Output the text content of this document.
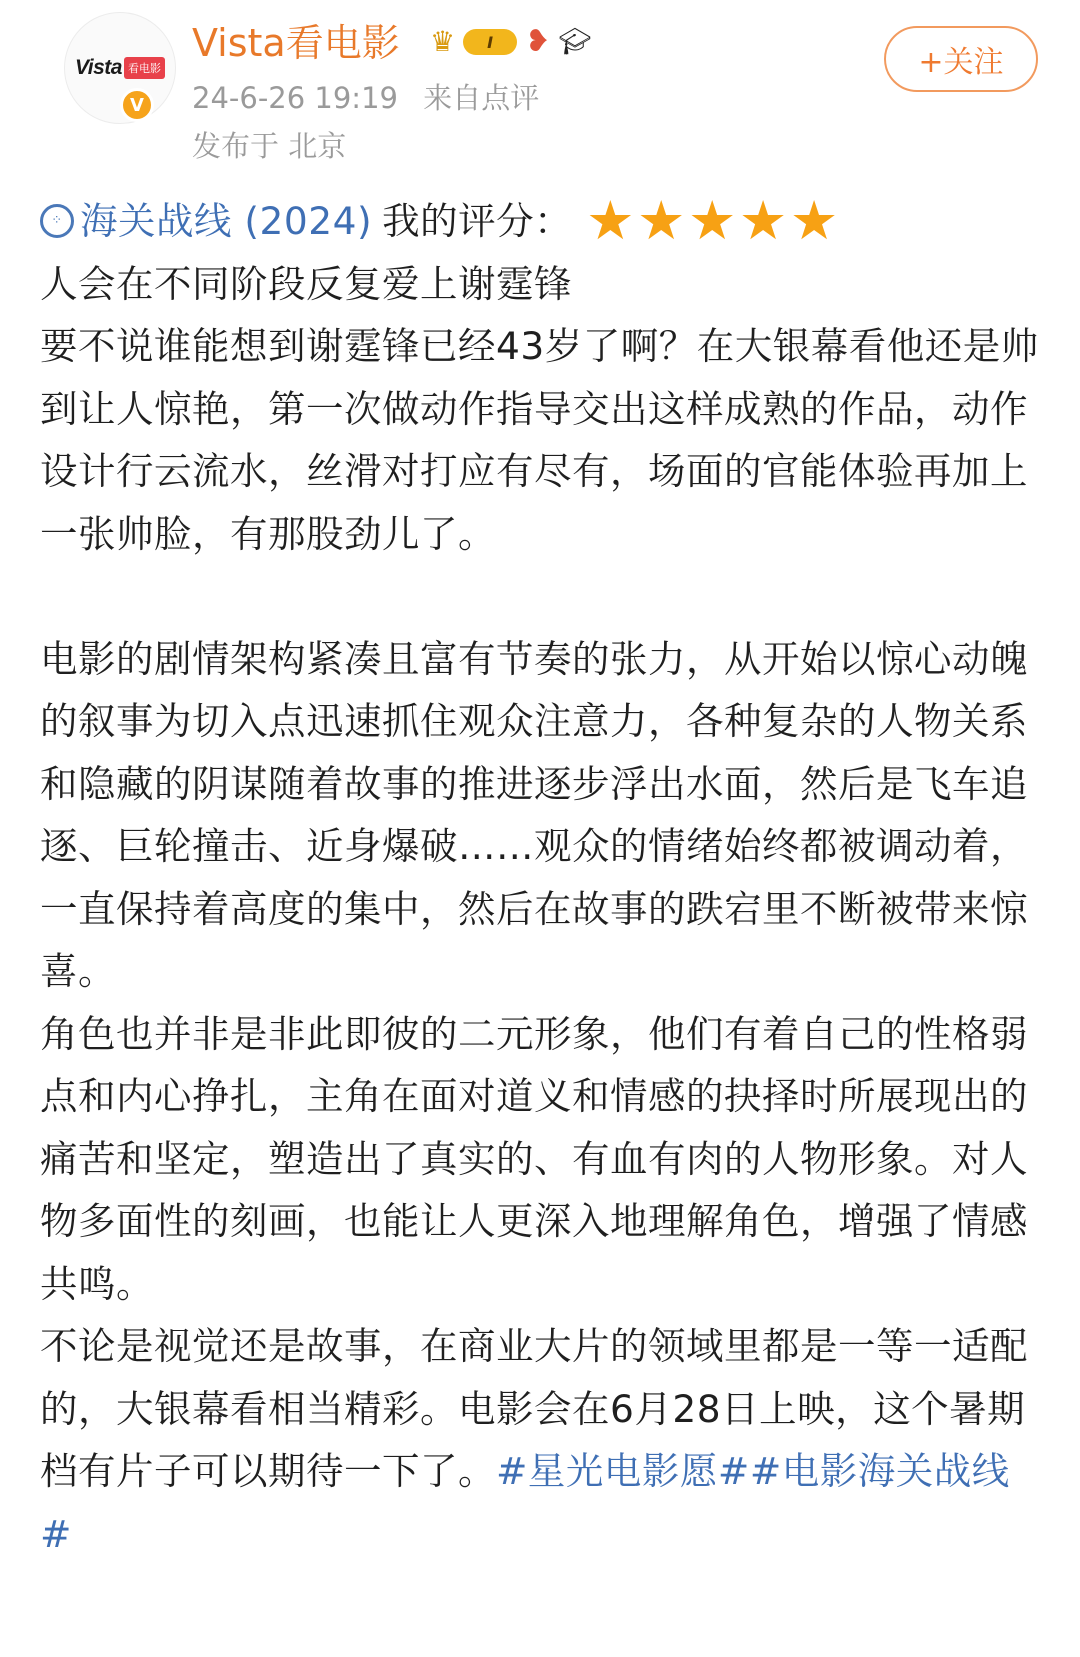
Vista 看电影
V
Vista看电影 ♛	I	❥ 🎓︎
24-6-26 19:19 来自点评
发布于 北京
+关注
⁘ 海关战线 (2024) 我的评分： ★ ★ ★ ★ ★

人会在不同阶段反复爱上谢霆锋

要不说谁能想到谢霆锋已经43岁了啊？在大银幕看他还是帅到让人惊艳，第一次做动作指导交出这样成熟的作品，动作设计行云流水，丝滑对打应有尽有，场面的官能体验再加上一张帅脸，有那股劲儿了。

电影的剧情架构紧凑且富有节奏的张力，从开始以惊心动魄的叙事为切入点迅速抓住观众注意力，各种复杂的人物关系和隐藏的阴谋随着故事的推进逐步浮出水面，然后是飞车追逐、巨轮撞击、近身爆破……观众的情绪始终都被调动着，一直保持着高度的集中，然后在故事的跌宕里不断被带来惊喜。

角色也并非是非此即彼的二元形象，他们有着自己的性格弱点和内心挣扎，主角在面对道义和情感的抉择时所展现出的痛苦和坚定，塑造出了真实的、有血有肉的人物形象。对人物多面性的刻画，也能让人更深入地理解角色，增强了情感共鸣。

不论是视觉还是故事，在商业大片的领域里都是一等一适配的，大银幕看相当精彩。电影会在6月28日上映，这个暑期档有片子可以期待一下了。#星光电影愿##电影海关战线#
